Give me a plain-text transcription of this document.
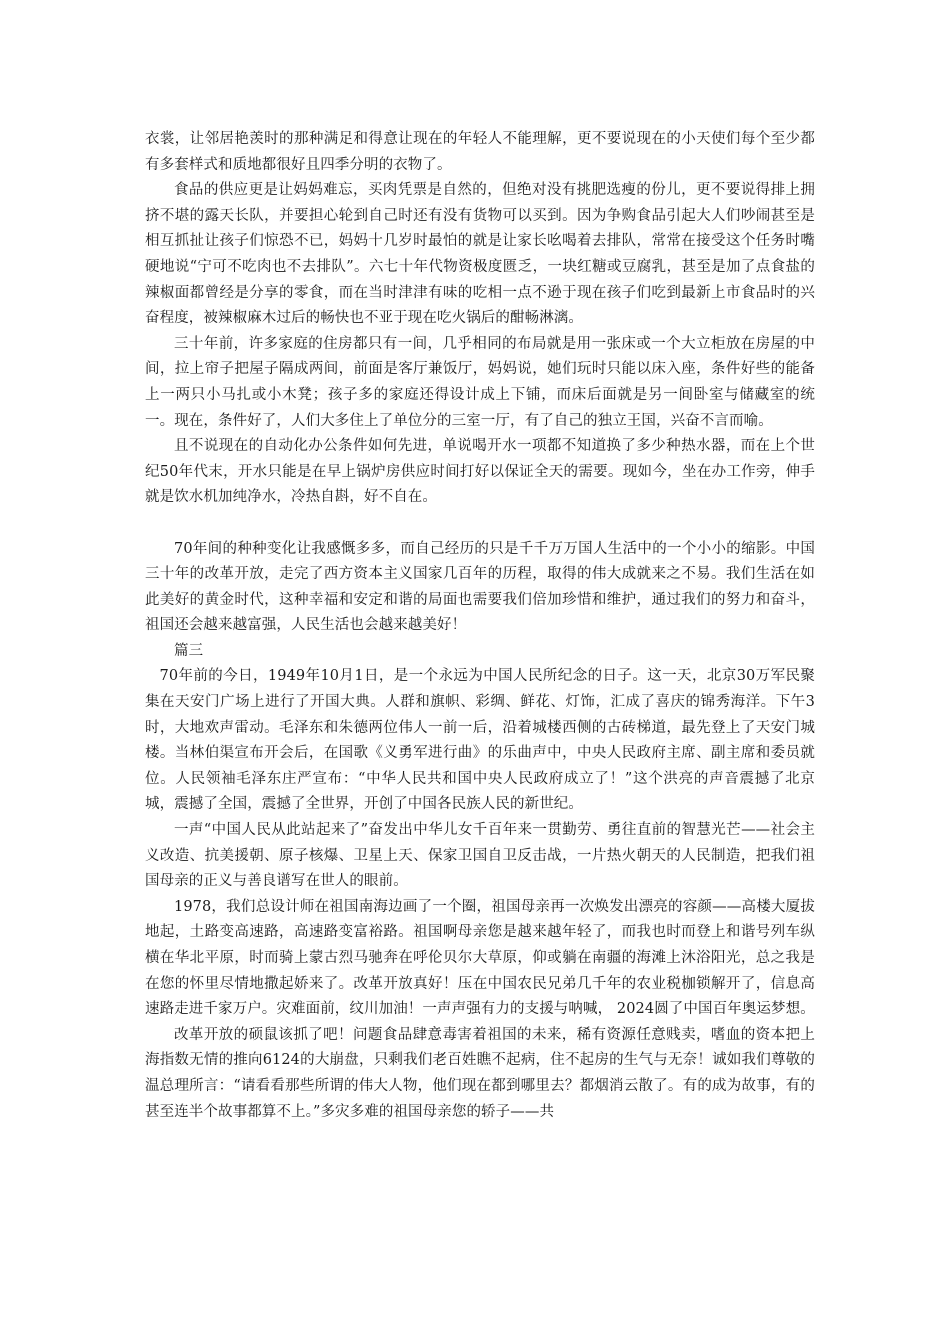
衣裳，让邻居艳羡时的那种满足和得意让现在的年轻人不能理解，更不要说现在的小天使们每个至少都有多套样式和质地都很好且四季分明的衣物了。

食品的供应更是让妈妈难忘，买肉凭票是自然的，但绝对没有挑肥选瘦的份儿，更不要说得排上拥挤不堪的露天长队，并要担心轮到自己时还有没有货物可以买到。因为争购食品引起大人们吵闹甚至是相互抓扯让孩子们惊恐不已，妈妈十几岁时最怕的就是让家长吆喝着去排队，常常在接受这个任务时嘴硬地说“宁可不吃肉也不去排队”。六七十年代物资极度匮乏，一块红糖或豆腐乳，甚至是加了点食盐的辣椒面都曾经是分享的零食，而在当时津津有味的吃相一点不逊于现在孩子们吃到最新上市食品时的兴奋程度，被辣椒麻木过后的畅快也不亚于现在吃火锅后的酣畅淋漓。

三十年前，许多家庭的住房都只有一间，几乎相同的布局就是用一张床或一个大立柜放在房屋的中间，拉上帘子把屋子隔成两间，前面是客厅兼饭厅，妈妈说，她们玩时只能以床入座，条件好些的能备上一两只小马扎或小木凳；孩子多的家庭还得设计成上下铺，而床后面就是另一间卧室与储藏室的统一。现在，条件好了，人们大多住上了单位分的三室一厅，有了自己的独立王国，兴奋不言而喻。

且不说现在的自动化办公条件如何先进，单说喝开水一项都不知道换了多少种热水器，而在上个世纪50年代末，开水只能是在早上锅炉房供应时间打好以保证全天的需要。现如今，坐在办工作旁，伸手就是饮水机加纯净水，冷热自斟，好不自在。

70年间的种种变化让我感慨多多，而自己经历的只是千千万万国人生活中的一个小小的缩影。中国三十年的改革开放，走完了西方资本主义国家几百年的历程，取得的伟大成就来之不易。我们生活在如此美好的黄金时代，这种幸福和安定和谐的局面也需要我们倍加珍惜和维护，通过我们的努力和奋斗，祖国还会越来越富强，人民生活也会越来越美好！

篇三

70年前的今日，1949年10月1日，是一个永远为中国人民所纪念的日子。这一天，北京30万军民聚集在天安门广场上进行了开国大典。人群和旗帜、彩绸、鲜花、灯饰，汇成了喜庆的锦秀海洋。下午3时，大地欢声雷动。毛泽东和朱德两位伟人一前一后，沿着城楼西侧的古砖梯道，最先登上了天安门城楼。当林伯渠宣布开会后，在国歌《义勇军进行曲》的乐曲声中，中央人民政府主席、副主席和委员就位。人民领袖毛泽东庄严宣布：“中华人民共和国中央人民政府成立了！”这个洪亮的声音震撼了北京城，震撼了全国，震撼了全世界，开创了中国各民族人民的新世纪。

一声“中国人民从此站起来了”奋发出中华儿女千百年来一贯勤劳、勇往直前的智慧光芒——社会主义改造、抗美援朝、原子核爆、卫星上天、保家卫国自卫反击战，一片热火朝天的人民制造，把我们祖国母亲的正义与善良谱写在世人的眼前。

1978，我们总设计师在祖国南海边画了一个圈，祖国母亲再一次焕发出漂亮的容颜——高楼大厦拔地起，土路变高速路，高速路变富裕路。祖国啊母亲您是越来越年轻了，而我也时而登上和谐号列车纵横在华北平原，时而骑上蒙古烈马驰奔在呼伦贝尔大草原，仰或躺在南疆的海滩上沐浴阳光，总之我是在您的怀里尽情地撒起娇来了。改革开放真好！压在中国农民兄弟几千年的农业税枷锁解开了，信息高速路走进千家万户。灾难面前，纹川加油！一声声强有力的支援与呐喊， 2024圆了中国百年奥运梦想。

改革开放的硕鼠该抓了吧！问题食品肆意毒害着祖国的未来，稀有资源任意贱卖，嗜血的资本把上海指数无情的推向6124的大崩盘，只剩我们老百姓瞧不起病，住不起房的生气与无奈！诚如我们尊敬的温总理所言：“请看看那些所谓的伟大人物，他们现在都到哪里去？都烟消云散了。有的成为故事，有的甚至连半个故事都算不上。”多灾多难的祖国母亲您的轿子——共
